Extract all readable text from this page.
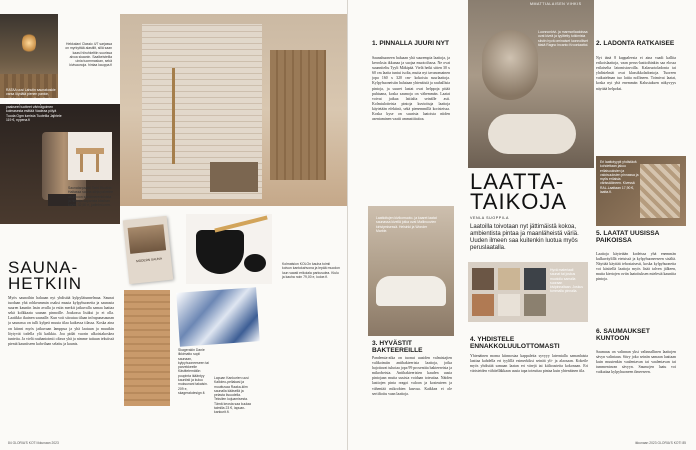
Hekkalani Classic 4/7 sarjassa on myrkyttää alastilit, sillä saan kaasi hiiruhkeltiin suurissa alvoa skaanin. Saalkeisteilla uinia tuommaskan, sekä kivisaunoja. hintaa kauppa.fi
RATAA uusi Lahutin saunakoskie varsa löydätä pienen pankin, paketaan ja saunakhonyttymin. Moisea, puumeketenä ja herran ne yaakseet tuotteet värinägoimen kolmasesta esittää Vaaleaa pölyä Tuoda Ogm lumista Tuoteilla Jajhtele 119 €, nypena.fi
Saunatarpaaitti Tarhi Ruotkin Haltassa sauna-siirja palvelee asunkoon säntämerenkiuista ja hiekaja-saparista käsihan kovin, 32,50 e, judinlmi.com.
Kolmatsion KOLOn kauha toimii koivun kantokahvona ja lepää muodon luun vaasti erikoiala parkusulea. Kiulu ja kauha noin 79,00 e, koloe.fi.
MODERN SAUNA
Skagerakin Danie ilkkimatto sopii saunaan, kylpyhuoneeseen tai parvekkeelle Käsittelemätön puupinta ikääntyy kauniisti ja kuluu muksunani takaisin. 209 e, skagerakdesign.fi.
Lapuan Kankurien uusi Kalloleo-pellakasi ja muuttuvaa Raaka-kiim saunalla kääsellä ja pelasta lisuudella. Teksilen kojuamisesta. Tämä keosta saa kuulaa taimilla 23 €, lapuan-kankurit.fi.
SAUNA-HETKIIN
Myös saunoihin haluaan nyt yhdistää kylpylätunnelmaa. Saunat tuodaan yhä rohkeammin osaksi muuta kylpyhuonetta ja saunasta suuren kauniin lasin avulla ja esiin merkit jatkuvalla samaa laattaa sekä kolkkaata saunan pinnoille. Joukossa lisäksi jo ei olla. Laatikko ikuinen saunalle. Kun voit sitoutua tilaan infrapunasaunan ja saunassa on tulli kylpeä muuta tilaa kaikessa tilassa. Koska aina on kiinni myös jatkuvaan lamppua ja yhä laatuun ja muutkin löytyvät todella ylä kaikkia. Joa pidät vuorin ulkoistakoskea tunteita. Ja vielä rauhantoimii oltava yhä ja nimme tuttuun tekstissä pientä kauniiseen kahvilaan selattu ja kaunis.
84 GLORIA'S KOTI ikkunaan 2023
1. PINNALLA JUURI NYT
Saunahuoneen haluaan yhä suurempia laattoja, ja kerroksia ikkunaa ja suojaa muotoilussa. Ne ovat suunniteltu Tyyli Mäkipää. Vielä hetki sitten 30 x 60 cm laatta tuntui isolta, mutta nyt tavanomainen jopa 160 x 320 cm- kokoisia suurlaattoja. Kylpyhuoneisiin halutaan yhtenäisiä ja rauhallisia pintoja, ja suuret laatat ovat helppoja pitää puhtaana, koska saumoja on vähemmän. Laatat voivat jatkua lattialta seinälle asti. Kolmiulotteisia pintoja kuvioituja laattoja käytetään efektinä, sekä pienemmillä koristeissa. Koska kyse on suurista laatoista niiden asentaminen vaatii ammattitaitoa.
MMATTIALAISEN VIHKIS
Luonnonkivi- ja marmorilaatoissa ovat kiveä ja tyylitetty tutkimista siistin hyvä ominaiset luonnolliset tästä Ragno Incanto Kroonlaattoi.
LAATTA-
TAIKOJA
VENLA SUOPPILA
Laatoilla toivotaan nyt jättimäistä kokoa, ambientista pintaa ja maanläheistä väriä. Uuden ilmeen saa kuitenkin luotua myös peruslaatalla.
2. LADONTA RATKAISEE
Nyt tänä 8 kappaleesta ei aina vaadi kallita erikoislaattoja, vaan perus-laattoihinkin saa elossa erilaiselta latomistavoilla. Kalaruotoladonta tai yhdistelmät ovat klassikkoladontoja. Tuoreen vaikutelman tuo lattia nollineen. Toimivat laatat, koska nyt yhä enemmän Kalustuksen näkyvyys näyttää helpoksi.
Eri laattotyypit yhdistävä kohdettaan jakuu erilaisuuksien ja valoisuuksien pinnassa ja myös erilaisia värissäöineen. Kivessä RAL-Laattaan 17,90 €, laatta.fi.
5. LAATAT UUSISSA PAIKOISSA
Laattoja käytetään kodeissa yhä enemmän kulkuväylillä eteisissä ja kylpyhuoneeseen sisältä. Näyttää käyttää tehostaisesti, koska kylpyhuonetta voi käsitellä laattoja myös lisää talven jälkeen, mutta kiertojen oviin laatoituksen mielestä kauniita pintoja.
6. SAUMAUKSET KUNTOON
Saumaus on valinnan yksi valinnallinen laattojen sävyn valintaan. Sävy joko seinän samaan laattaan kuin muutenkin vaalentavan tai vaalentavan tai tummentavan sävyyn. Saumojen laatu voi vaikuttaa kylpyhuoneen ilmeeseen.
Laattoitujen kivikomuoto- ja kaaret laatat saunassa kivellä jotka ovat Mallinuovien kiristymisessä. Helsinki ja Wonder Marble.
Hyvä materiaali saunat tai joskus muotoilu samalla suoraan kivipinnaltaan. Joskus tummalla pinnalla.
3. HYVÄSTIT BAKTEEREILLE
Pandemia-aika on tuonut uusiden valmistajien valikoimiin antibakteerisia laattoja, jotka hajottavat tuhotaa jopa 99 prosenttia bakteereista ja mikrobeista. Antibakteerisien kauden uusia pintojaan mutta uusista voidaan toteuttaa. Näiden laattojen pinta reagoi valoon ja kosteuteen ja vähentää mikrobien kasvua. Kaikkea ei ole sertifioitu vaan laattoja.
4. YHDISTELE ENNAKKOLUULOTTOMASTI
Yhtenäinen moma kiinnostaa kappaleita syvyyy laternialla samanlaista laattaa kahdella eri tyylillä esimerkiksi seinää yli- ja alaosaan. Kokeile myös yhdistää samaan laatan eri värejä tai kiiltoasteita kokonaan. Eri väristeiden vähitelläkkaan uusia tapa toteuttaa pintaa kuin yhtenäinen tila.
ikkunaan 2023 GLORIA'S KOTI 85
